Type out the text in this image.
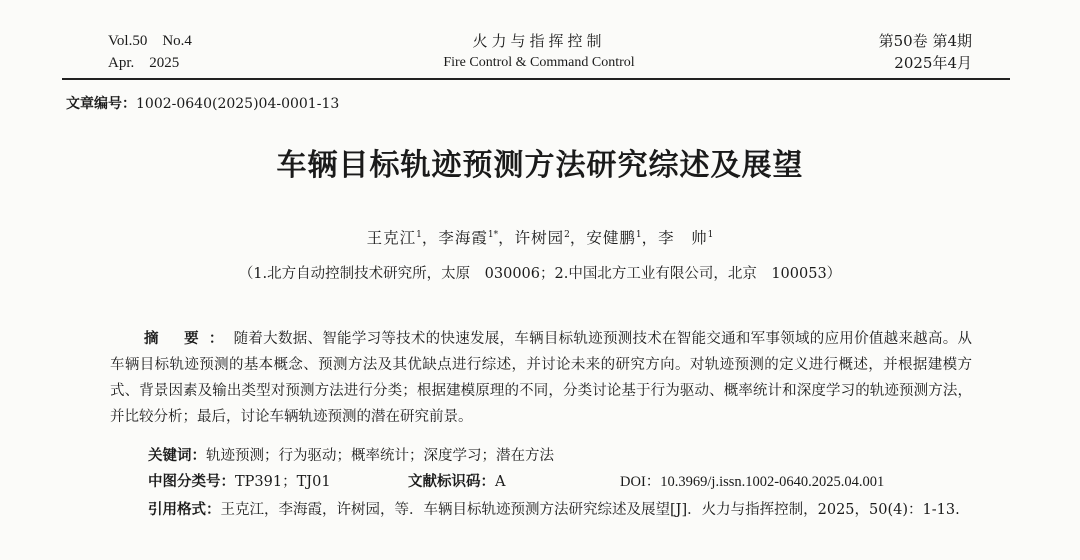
Vol.50    No.4
Apr.    2025
火力与指挥控制
Fire Control & Command Control
第50卷 第4期
2025年4月
文章编号：1002-0640(2025)04-0001-13
车辆目标轨迹预测方法研究综述及展望
王克江$^1$，李海霞$^{1*}$，许树园$^2$，安健鹏$^1$，李　帅$^1$
（1.北方自动控制技术研究所，太原　030006；2.中国北方工业有限公司，北京　100053）
摘 要：随着大数据、智能学习等技术的快速发展，车辆目标轨迹预测技术在智能交通和军事领域的应用价值越来越高。从车辆目标轨迹预测的基本概念、预测方法及其优缺点进行综述，并讨论未来的研究方向。对轨迹预测的定义进行概述，并根据建模方式、背景因素及输出类型对预测方法进行分类；根据建模原理的不同，分类讨论基于行为驱动、概率统计和深度学习的轨迹预测方法，并比较分析；最后，讨论车辆轨迹预测的潜在研究前景。
关键词：轨迹预测；行为驱动；概率统计；深度学习；潜在方法
中图分类号：TP391；TJ01	文献标识码：A	DOI：10.3969/j.issn.1002-0640.2025.04.001
引用格式：王克江，李海霞，许树园，等．车辆目标轨迹预测方法研究综述及展望[J]．火力与指挥控制，2025，50(4)：1-13.
